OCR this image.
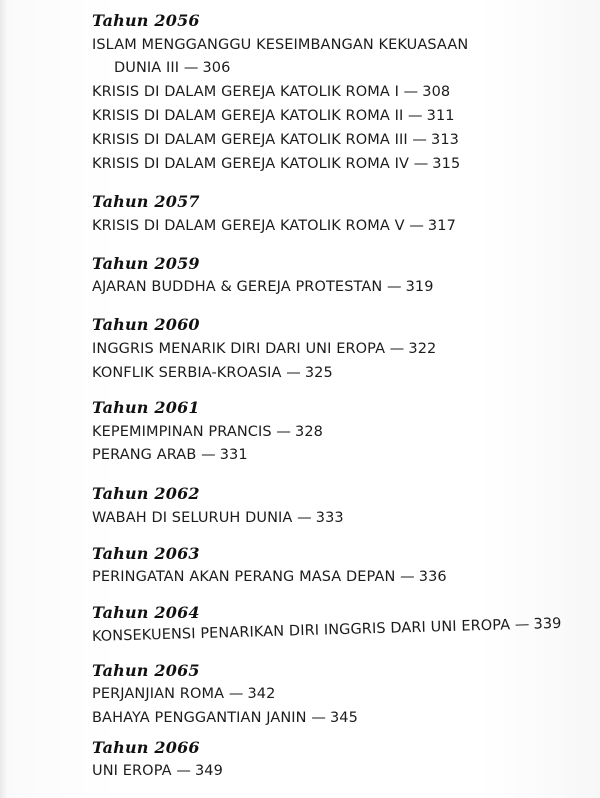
Tahun 2056
ISLAM MENGGANGGU KESEIMBANGAN KEKUASAAN
DUNIA III — 306
KRISIS DI DALAM GEREJA KATOLIK ROMA I — 308
KRISIS DI DALAM GEREJA KATOLIK ROMA II — 311
KRISIS DI DALAM GEREJA KATOLIK ROMA III — 313
KRISIS DI DALAM GEREJA KATOLIK ROMA IV — 315
Tahun 2057
KRISIS DI DALAM GEREJA KATOLIK ROMA V — 317
Tahun 2059
AJARAN BUDDHA & GEREJA PROTESTAN — 319
Tahun 2060
INGGRIS MENARIK DIRI DARI UNI EROPA — 322
KONFLIK SERBIA-KROASIA — 325
Tahun 2061
KEPEMIMPINAN PRANCIS — 328
PERANG ARAB — 331
Tahun 2062
WABAH DI SELURUH DUNIA — 333
Tahun 2063
PERINGATAN AKAN PERANG MASA DEPAN — 336
Tahun 2064
KONSEKUENSI PENARIKAN DIRI INGGRIS DARI UNI EROPA — 339
Tahun 2065
PERJANJIAN ROMA — 342
BAHAYA PENGGANTIAN JANIN — 345
Tahun 2066
UNI EROPA — 349
